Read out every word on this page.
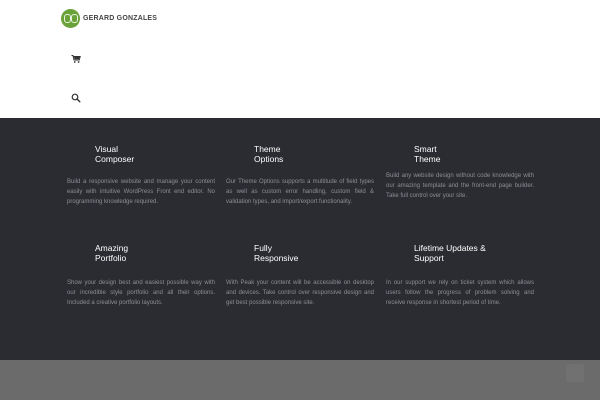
GERARD GONZALES
Visual
Composer

Build a responsive website and manage your content easily with intuitive WordPress Front end editor. No programming knowledge required.

Theme
Options

Our Theme Options supports a multitude of field types as well as custom error handling, custom field & validation types, and import/export functionality.

Smart
Theme

Build any website design without code knowledge with our amazing template and the front-end page builder. Take full control over your site.

Amazing
Portfolio

Show your design best and easiest possible way with our incredible style portfolio and all their options. Included a creative portfolio layouts.

Fully
Responsive

With Peak your content will be accessible on desktop and devices. Take control over responsive design and get best possible responsive site.

Lifetime Updates &
Support

In our support we rely on ticket system which allows users follow the progress of problem solving and receive response in shortest period of time.
